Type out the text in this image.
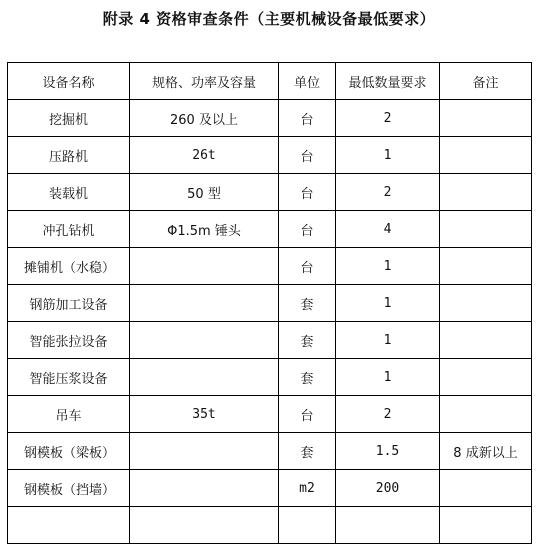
附录 4 资格审查条件（主要机械设备最低要求）
设备名称	规格、功率及容量	单位	最低数量要求	备注
挖掘机	260 及以上	台	2	
压路机	26t	台	1	
装载机	50 型	台	2	
冲孔钻机	Φ1.5m 锤头	台	4	
摊铺机（水稳）		台	1	
钢筋加工设备		套	1	
智能张拉设备		套	1	
智能压浆设备		套	1	
吊车	35t	台	2	
钢模板（梁板）		套	1.5	8 成新以上
钢模板（挡墙）		m2	200	
